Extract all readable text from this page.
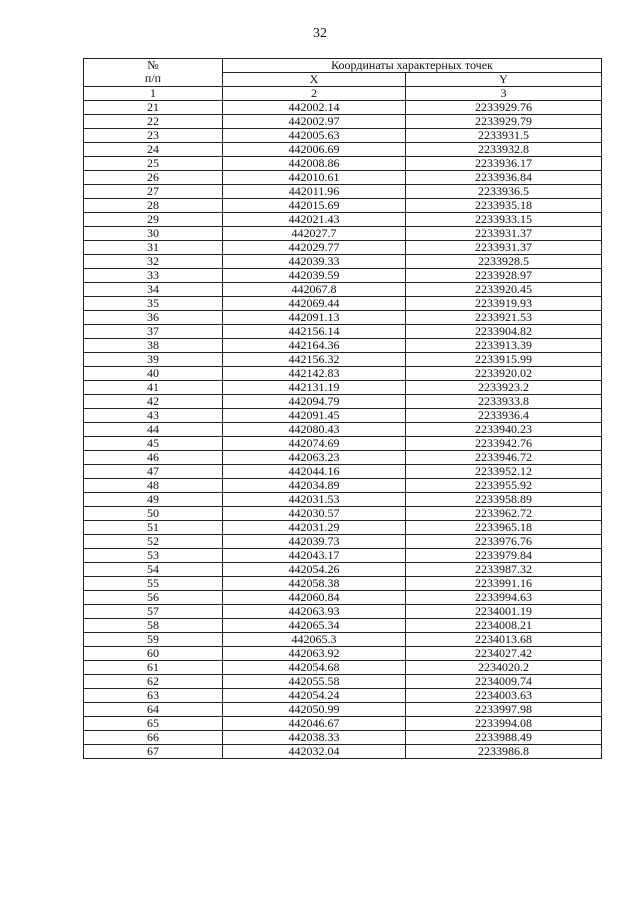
32
№
п/п	Координаты характерных точек	
	X	Y
1	2	3
21	442002.14	2233929.76
22	442002.97	2233929.79
23	442005.63	2233931.5
24	442006.69	2233932.8
25	442008.86	2233936.17
26	442010.61	2233936.84
27	442011.96	2233936.5
28	442015.69	2233935.18
29	442021.43	2233933.15
30	442027.7	2233931.37
31	442029.77	2233931.37
32	442039.33	2233928.5
33	442039.59	2233928.97
34	442067.8	2233920.45
35	442069.44	2233919.93
36	442091.13	2233921.53
37	442156.14	2233904.82
38	442164.36	2233913.39
39	442156.32	2233915.99
40	442142.83	2233920.02
41	442131.19	2233923.2
42	442094.79	2233933.8
43	442091.45	2233936.4
44	442080.43	2233940.23
45	442074.69	2233942.76
46	442063.23	2233946.72
47	442044.16	2233952.12
48	442034.89	2233955.92
49	442031.53	2233958.89
50	442030.57	2233962.72
51	442031.29	2233965.18
52	442039.73	2233976.76
53	442043.17	2233979.84
54	442054.26	2233987.32
55	442058.38	2233991.16
56	442060.84	2233994.63
57	442063.93	2234001.19
58	442065.34	2234008.21
59	442065.3	2234013.68
60	442063.92	2234027.42
61	442054.68	2234020.2
62	442055.58	2234009.74
63	442054.24	2234003.63
64	442050.99	2233997.98
65	442046.67	2233994.08
66	442038.33	2233988.49
67	442032.04	2233986.8
